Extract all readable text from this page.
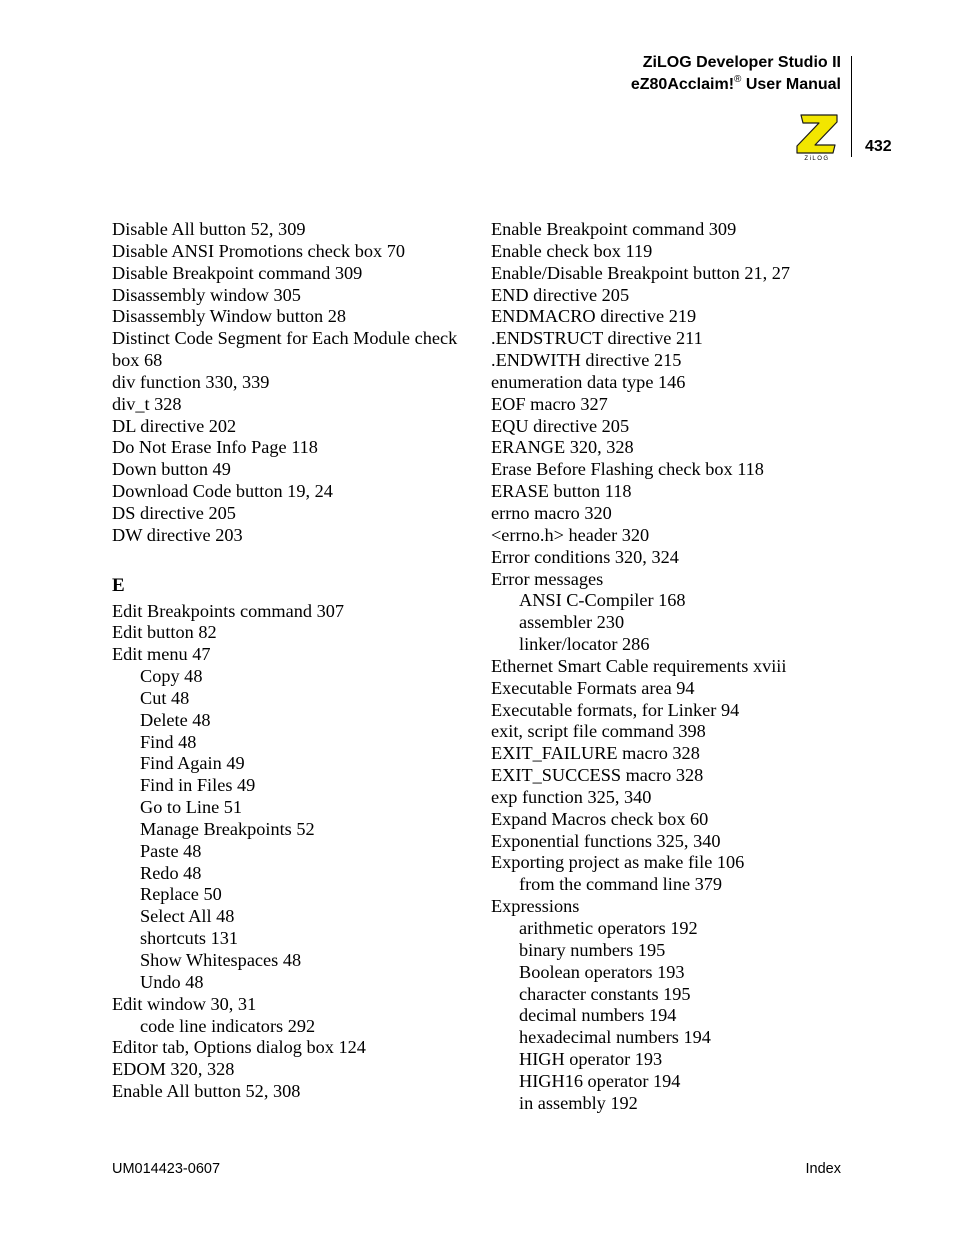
ZiLOG Developer Studio II
eZ80Acclaim!® User Manual
ZiLOG
432
Disable All button 52, 309
Disable ANSI Promotions check box 70
Disable Breakpoint command 309
Disassembly window 305
Disassembly Window button 28
Distinct Code Segment for Each Module check box 68
div function 330, 339
div_t 328
DL directive 202
Do Not Erase Info Page 118
Down button 49
Download Code button 19, 24
DS directive 205
DW directive 203
E
Edit Breakpoints command 307
Edit button 82
Edit menu 47
Copy 48
Cut 48
Delete 48
Find 48
Find Again 49
Find in Files 49
Go to Line 51
Manage Breakpoints 52
Paste 48
Redo 48
Replace 50
Select All 48
shortcuts 131
Show Whitespaces 48
Undo 48
Edit window 30, 31
code line indicators 292
Editor tab, Options dialog box 124
EDOM 320, 328
Enable All button 52, 308
Enable Breakpoint command 309
Enable check box 119
Enable/Disable Breakpoint button 21, 27
END directive 205
ENDMACRO directive 219
.ENDSTRUCT directive 211
.ENDWITH directive 215
enumeration data type 146
EOF macro 327
EQU directive 205
ERANGE 320, 328
Erase Before Flashing check box 118
ERASE button 118
errno macro 320
<errno.h> header 320
Error conditions 320, 324
Error messages
ANSI C-Compiler 168
assembler 230
linker/locator 286
Ethernet Smart Cable requirements xviii
Executable Formats area 94
Executable formats, for Linker 94
exit, script file command 398
EXIT_FAILURE macro 328
EXIT_SUCCESS macro 328
exp function 325, 340
Expand Macros check box 60
Exponential functions 325, 340
Exporting project as make file 106
from the command line 379
Expressions
arithmetic operators 192
binary numbers 195
Boolean operators 193
character constants 195
decimal numbers 194
hexadecimal numbers 194
HIGH operator 193
HIGH16 operator 194
in assembly 192
UM014423-0607	Index
